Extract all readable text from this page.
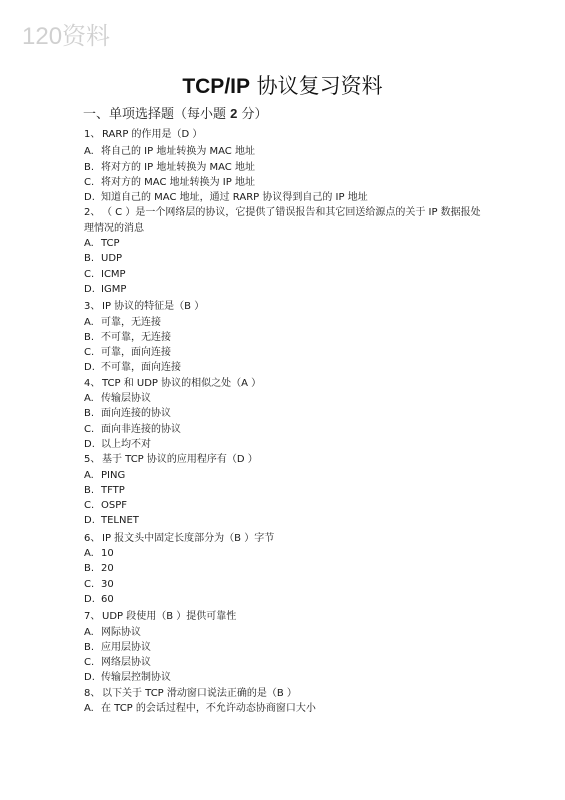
120资料
TCP/IP 协议复习资料
一、单项选择题（每小题 2 分）
1、 RARP 的作用是（D ）
A. 将自己的 IP 地址转换为 MAC 地址
B. 将对方的 IP 地址转换为 MAC 地址
C. 将对方的 MAC 地址转换为 IP 地址
D. 知道自己的 MAC 地址，通过 RARP 协议得到自己的 IP 地址
2、 （ C ）是一个网络层的协议，它提供了错误报告和其它回送给源点的关于 IP 数据报处理情况的消息
A. TCP
B. UDP
C. ICMP
D. IGMP
3、 IP 协议的特征是（B ）
A. 可靠，无连接
B. 不可靠，无连接
C. 可靠，面向连接
D. 不可靠，面向连接
4、 TCP 和 UDP 协议的相似之处（A ）
A. 传输层协议
B. 面向连接的协议
C. 面向非连接的协议
D. 以上均不对
5、 基于 TCP 协议的应用程序有（D ）
A. PING
B. TFTP
C. OSPF
D. TELNET
6、 IP 报文头中固定长度部分为（B ）字节
A. 10
B. 20
C. 30
D. 60
7、 UDP 段使用（B ）提供可靠性
A. 网际协议
B. 应用层协议
C. 网络层协议
D. 传输层控制协议
8、 以下关于 TCP 滑动窗口说法正确的是（B ）
A. 在 TCP 的会话过程中，不允许动态协商窗口大小
